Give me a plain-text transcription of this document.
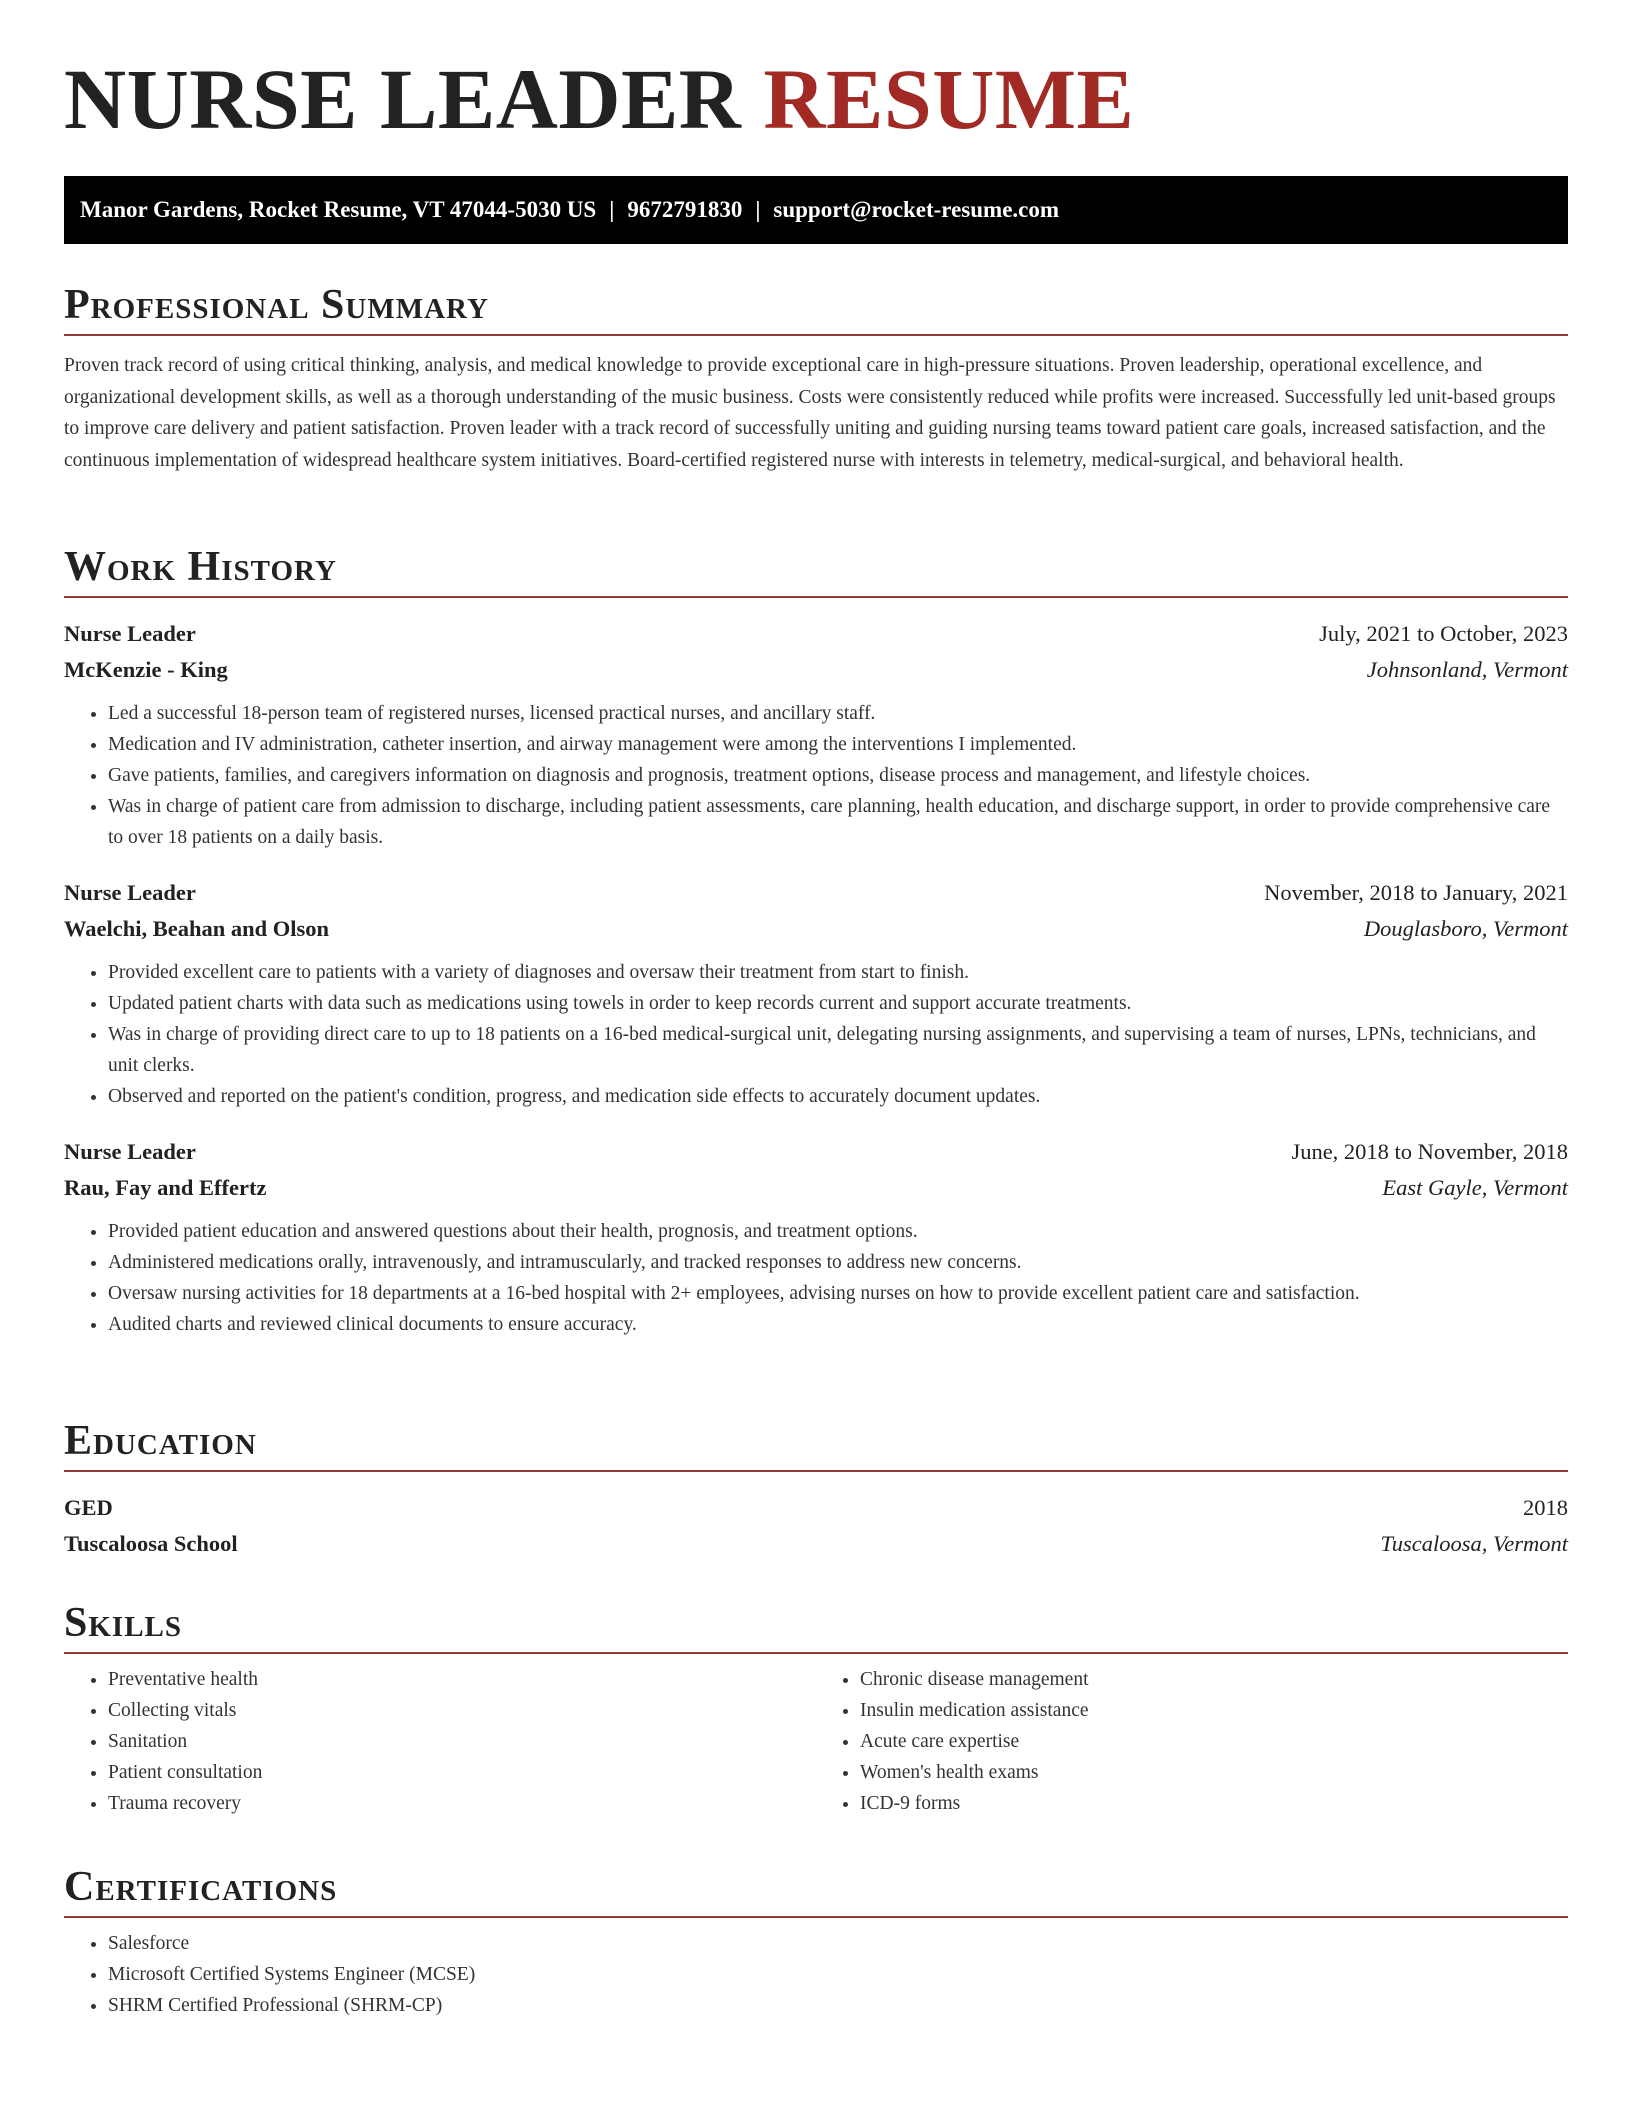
NURSE LEADER RESUME
Manor Gardens, Rocket Resume, VT 47044-5030 US | 9672791830 | support@rocket-resume.com
Professional Summary

Proven track record of using critical thinking, analysis, and medical knowledge to provide exceptional care in high-pressure situations. Proven leadership, operational excellence, and organizational development skills, as well as a thorough understanding of the music business. Costs were consistently reduced while profits were increased. Successfully led unit-based groups to improve care delivery and patient satisfaction. Proven leader with a track record of successfully uniting and guiding nursing teams toward patient care goals, increased satisfaction, and the continuous implementation of widespread healthcare system initiatives. Board-certified registered nurse with interests in telemetry, medical-surgical, and behavioral health.

Work History
Nurse Leader	July, 2021 to October, 2023
McKenzie - King	Johnsonland, Vermont
• Led a successful 18-person team of registered nurses, licensed practical nurses, and ancillary staff.
• Medication and IV administration, catheter insertion, and airway management were among the interventions I implemented.
• Gave patients, families, and caregivers information on diagnosis and prognosis, treatment options, disease process and management, and lifestyle choices.
• Was in charge of patient care from admission to discharge, including patient assessments, care planning, health education, and discharge support, in order to provide comprehensive care to over 18 patients on a daily basis.
Nurse Leader	November, 2018 to January, 2021
Waelchi, Beahan and Olson	Douglasboro, Vermont
• Provided excellent care to patients with a variety of diagnoses and oversaw their treatment from start to finish.
• Updated patient charts with data such as medications using towels in order to keep records current and support accurate treatments.
• Was in charge of providing direct care to up to 18 patients on a 16-bed medical-surgical unit, delegating nursing assignments, and supervising a team of nurses, LPNs, technicians, and unit clerks.
• Observed and reported on the patient's condition, progress, and medication side effects to accurately document updates.
Nurse Leader	June, 2018 to November, 2018
Rau, Fay and Effertz	East Gayle, Vermont
• Provided patient education and answered questions about their health, prognosis, and treatment options.
• Administered medications orally, intravenously, and intramuscularly, and tracked responses to address new concerns.
• Oversaw nursing activities for 18 departments at a 16-bed hospital with 2+ employees, advising nurses on how to provide excellent patient care and satisfaction.
• Audited charts and reviewed clinical documents to ensure accuracy.
Education
GED	2018
Tuscaloosa School	Tuscaloosa, Vermont
Skills
• Preventative health
• Collecting vitals
• Sanitation
• Patient consultation
• Trauma recovery
• Chronic disease management
• Insulin medication assistance
• Acute care expertise
• Women's health exams
• ICD-9 forms
Certifications
• Salesforce
• Microsoft Certified Systems Engineer (MCSE)
• SHRM Certified Professional (SHRM-CP)
